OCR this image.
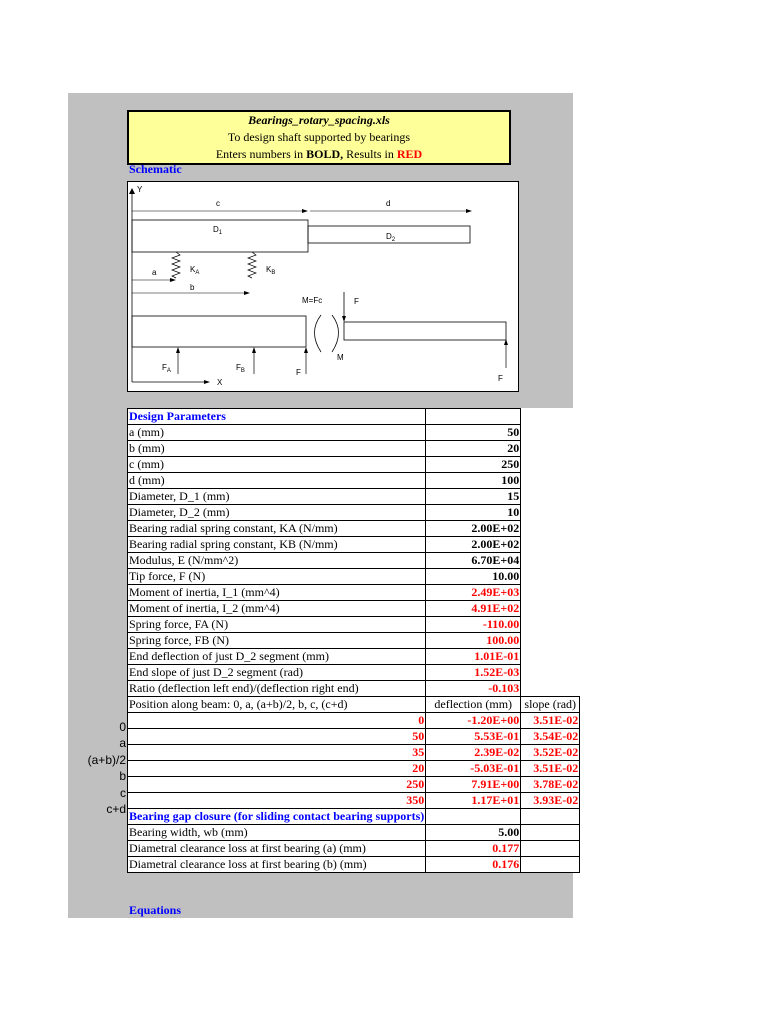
Bearings_rotary_spacing.xls
To design shaft supported by bearings
Enters numbers in BOLD, Results in RED
Schematic
Y
c	d
$D_1$	$D_2$
$K_A$	$K_B$
a
b
M=Fc
M
F
$F_A$	$F_B$	F
F
X
Design Parameters		
a (mm)	50	
b (mm)	20	
c (mm)	250	
d (mm)	100	
Diameter, D_1 (mm)	15	
Diameter, D_2 (mm)	10	
Bearing radial spring constant, KA (N/mm)	2.00E+02	
Bearing radial spring constant, KB (N/mm)	2.00E+02	
Modulus, E (N/mm^2)	6.70E+04	
Tip force, F (N)	10.00	
Moment of inertia, I_1 (mm^4)	2.49E+03	
Moment of inertia, I_2 (mm^4)	4.91E+02	
Spring force, FA (N)	-110.00	
Spring force, FB (N)	100.00	
End deflection of just D_2 segment (mm)	1.01E-01	
End slope of just D_2 segment (rad)	1.52E-03	
Ratio (deflection left end)/(deflection right end)	-0.103	
Position along beam: 0, a, (a+b)/2, b, c, (c+d)	deflection (mm)	slope (rad)
0	-1.20E+00	3.51E-02
50	5.53E-01	3.54E-02
35	2.39E-02	3.52E-02
20	-5.03E-01	3.51E-02
250	7.91E+00	3.78E-02
350	1.17E+01	3.93E-02
Bearing gap closure (for sliding contact bearing supports)		
Bearing width, wb (mm)	5.00	
Diametral clearance loss at first bearing (a) (mm)	0.177	
Diametral clearance loss at first bearing (b) (mm)	0.176	
0
a
(a+b)/2
b
c
c+d
Equations
